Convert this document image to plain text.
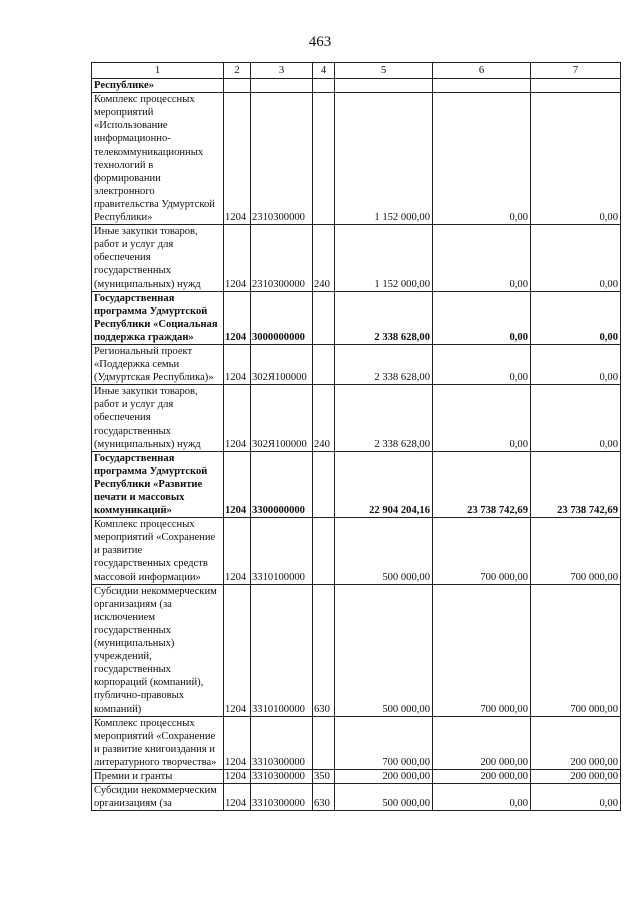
463
1	2	3	4	5	6	7
Республике»						
Комплекс процессных мероприятий «Использование информационно-телекоммуникационных технологий в формировании электронного правительства Удмуртской Республики»	1204	2310300000		1 152 000,00	0,00	0,00
Иные закупки товаров, работ и услуг для обеспечения государственных (муниципальных) нужд	1204	2310300000	240	1 152 000,00	0,00	0,00
Государственная программа Удмуртской Республики «Социальная поддержка граждан»	1204	3000000000		2 338 628,00	0,00	0,00
Региональный проект «Поддержка семьи (Удмуртская Республика)»	1204	302Я100000		2 338 628,00	0,00	0,00
Иные закупки товаров, работ и услуг для обеспечения государственных (муниципальных) нужд	1204	302Я100000	240	2 338 628,00	0,00	0,00
Государственная программа Удмуртской Республики «Развитие печати и массовых коммуникаций»	1204	3300000000		22 904 204,16	23 738 742,69	23 738 742,69
Комплекс процессных мероприятий «Сохранение и развитие государственных средств массовой информации»	1204	3310100000		500 000,00	700 000,00	700 000,00
Субсидии некоммерческим организациям (за исключением государственных (муниципальных) учреждений, государственных корпораций (компаний), публично-правовых компаний)	1204	3310100000	630	500 000,00	700 000,00	700 000,00
Комплекс процессных мероприятий «Сохранение и развитие книгоиздания и литературного творчества»	1204	3310300000		700 000,00	200 000,00	200 000,00
Премии и гранты	1204	3310300000	350	200 000,00	200 000,00	200 000,00
Субсидии некоммерческим организациям (за	1204	3310300000	630	500 000,00	0,00	0,00
